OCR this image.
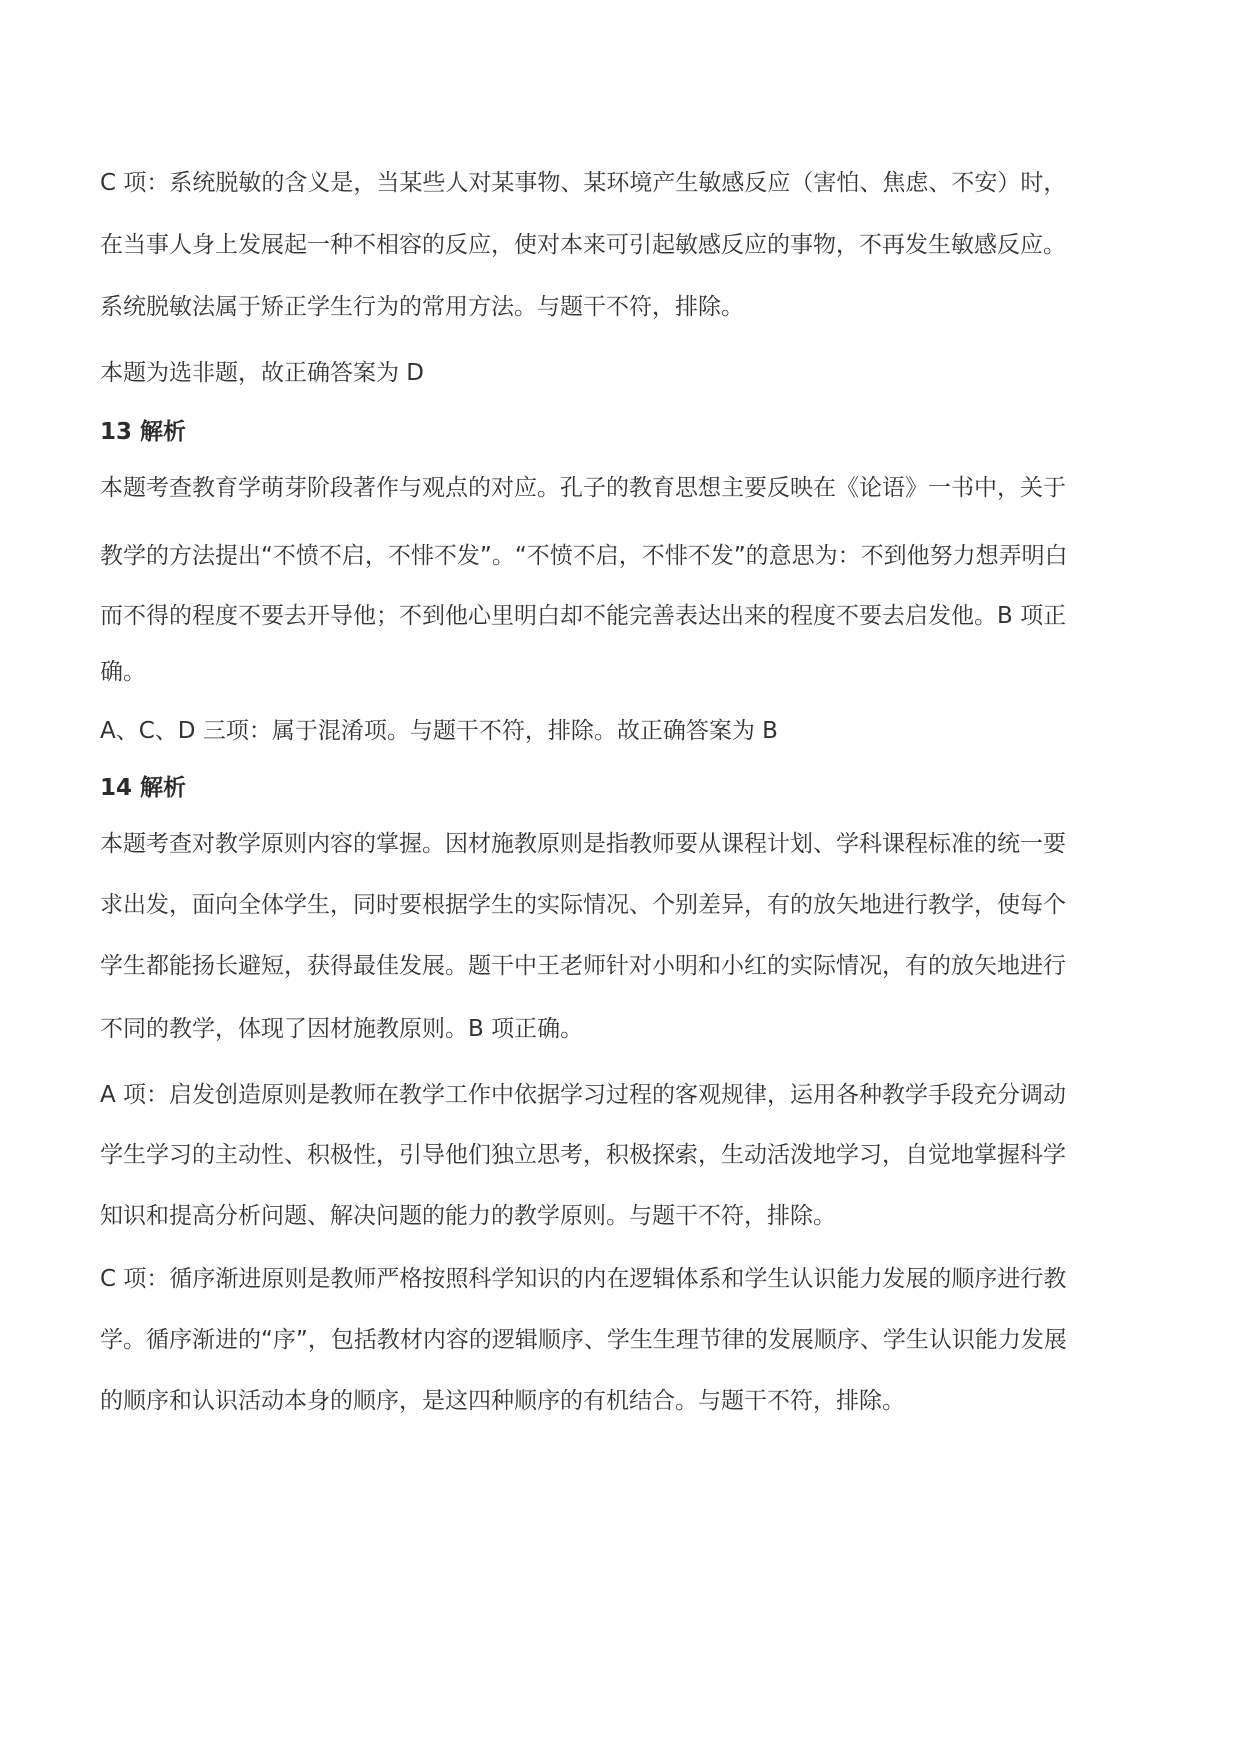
C 项：系统脱敏的含义是，当某些人对某事物、某环境产生敏感反应（害怕、焦虑、不安）时，
在当事人身上发展起一种不相容的反应，使对本来可引起敏感反应的事物，不再发生敏感反应。
系统脱敏法属于矫正学生行为的常用方法。与题干不符，排除。
本题为选非题，故正确答案为 D
13 解析
本题考查教育学萌芽阶段著作与观点的对应。孔子的教育思想主要反映在《论语》一书中，关于
教学的方法提出“不愤不启，不悱不发”。“不愤不启，不悱不发”的意思为：不到他努力想弄明白
而不得的程度不要去开导他；不到他心里明白却不能完善表达出来的程度不要去启发他。B 项正
确。
A、C、D 三项：属于混淆项。与题干不符，排除。故正确答案为 B
14 解析
本题考查对教学原则内容的掌握。因材施教原则是指教师要从课程计划、学科课程标准的统一要
求出发，面向全体学生，同时要根据学生的实际情况、个别差异，有的放矢地进行教学，使每个
学生都能扬长避短，获得最佳发展。题干中王老师针对小明和小红的实际情况，有的放矢地进行
不同的教学，体现了因材施教原则。B 项正确。
A 项：启发创造原则是教师在教学工作中依据学习过程的客观规律，运用各种教学手段充分调动
学生学习的主动性、积极性，引导他们独立思考，积极探索，生动活泼地学习，自觉地掌握科学
知识和提高分析问题、解决问题的能力的教学原则。与题干不符，排除。
C 项：循序渐进原则是教师严格按照科学知识的内在逻辑体系和学生认识能力发展的顺序进行教
学。循序渐进的“序”，包括教材内容的逻辑顺序、学生生理节律的发展顺序、学生认识能力发展
的顺序和认识活动本身的顺序，是这四种顺序的有机结合。与题干不符，排除。
